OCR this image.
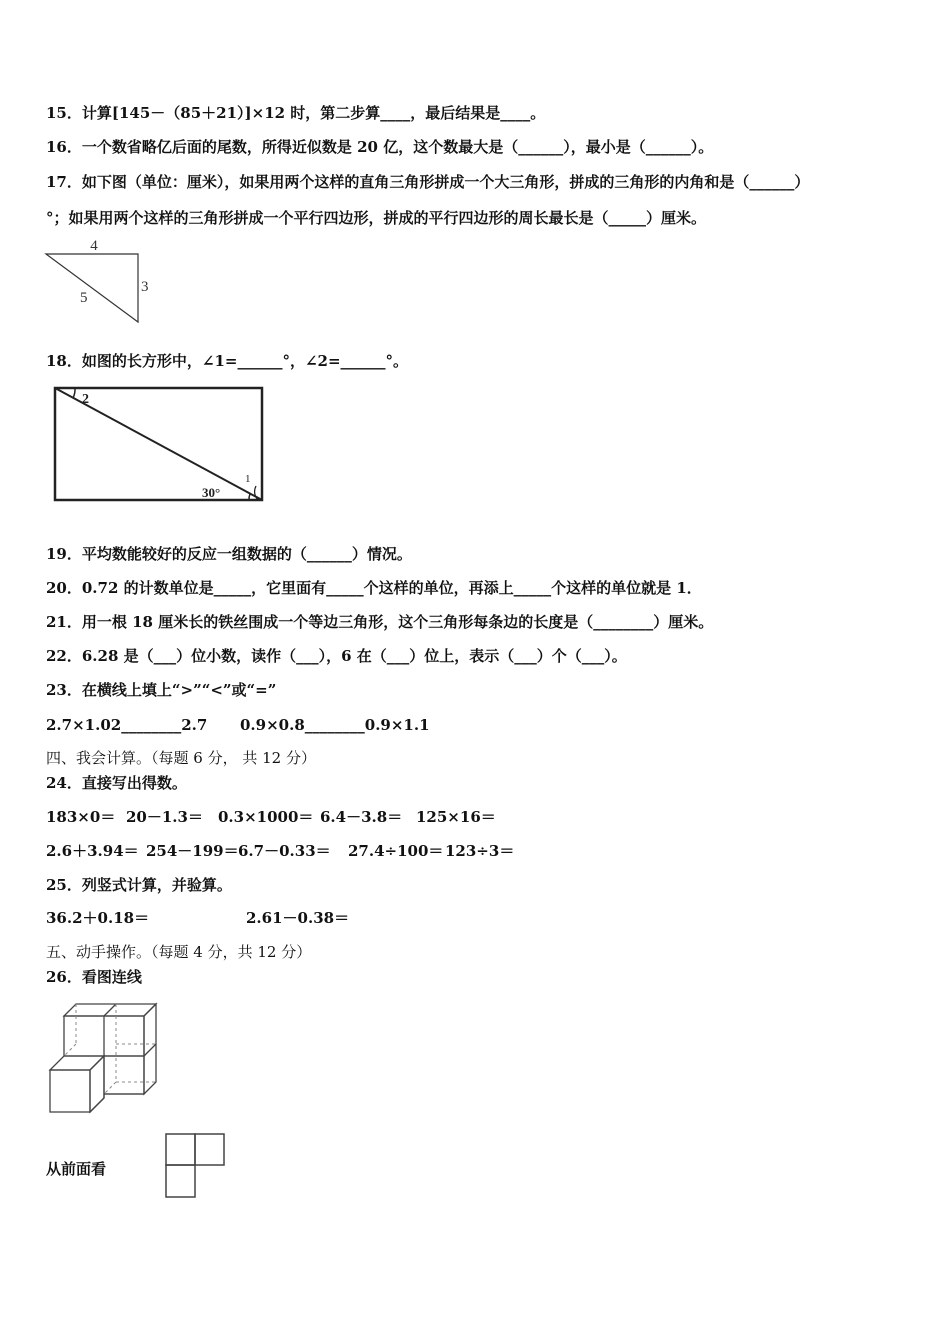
15．计算[145－（85＋21）]×12 时，第二步算____，最后结果是____。
16．一个数省略亿后面的尾数，所得近似数是 20 亿，这个数最大是（______），最小是（______）。
17．如下图（单位：厘米），如果用两个这样的直角三角形拼成一个大三角形，拼成的三角形的内角和是（______）
°；如果用两个这样的三角形拼成一个平行四边形，拼成的平行四边形的周长最长是（_____）厘米。
4
3
5
18．如图的长方形中，∠1=______°，∠2=______°。
2
1
30°
19．平均数能较好的反应一组数据的（______）情况。
20．0.72 的计数单位是_____，它里面有_____个这样的单位，再添上_____个这样的单位就是 1．
21．用一根 18 厘米长的铁丝围成一个等边三角形，这个三角形每条边的长度是（________）厘米。
22．6.28 是（___）位小数，读作（___），6 在（___）位上，表示（___）个（___）。
23．在横线上填上“>”“<”或“=”
2.7×1.02________2.7 0.9×0.8________0.9×1.1
四、我会计算。（每题 6 分， 共 12 分）
24．直接写出得数。
183×0＝ 20－1.3＝ 0.3×1000＝ 6.4－3.8＝ 125×16＝
2.6＋3.94＝ 254－199＝6.7－0.33＝ 27.4÷100＝ 123÷3＝
25．列竖式计算，并验算。
36.2＋0.18＝	2.61－0.38＝
五、动手操作。（每题 4 分，共 12 分）
26．看图连线
从前面看
